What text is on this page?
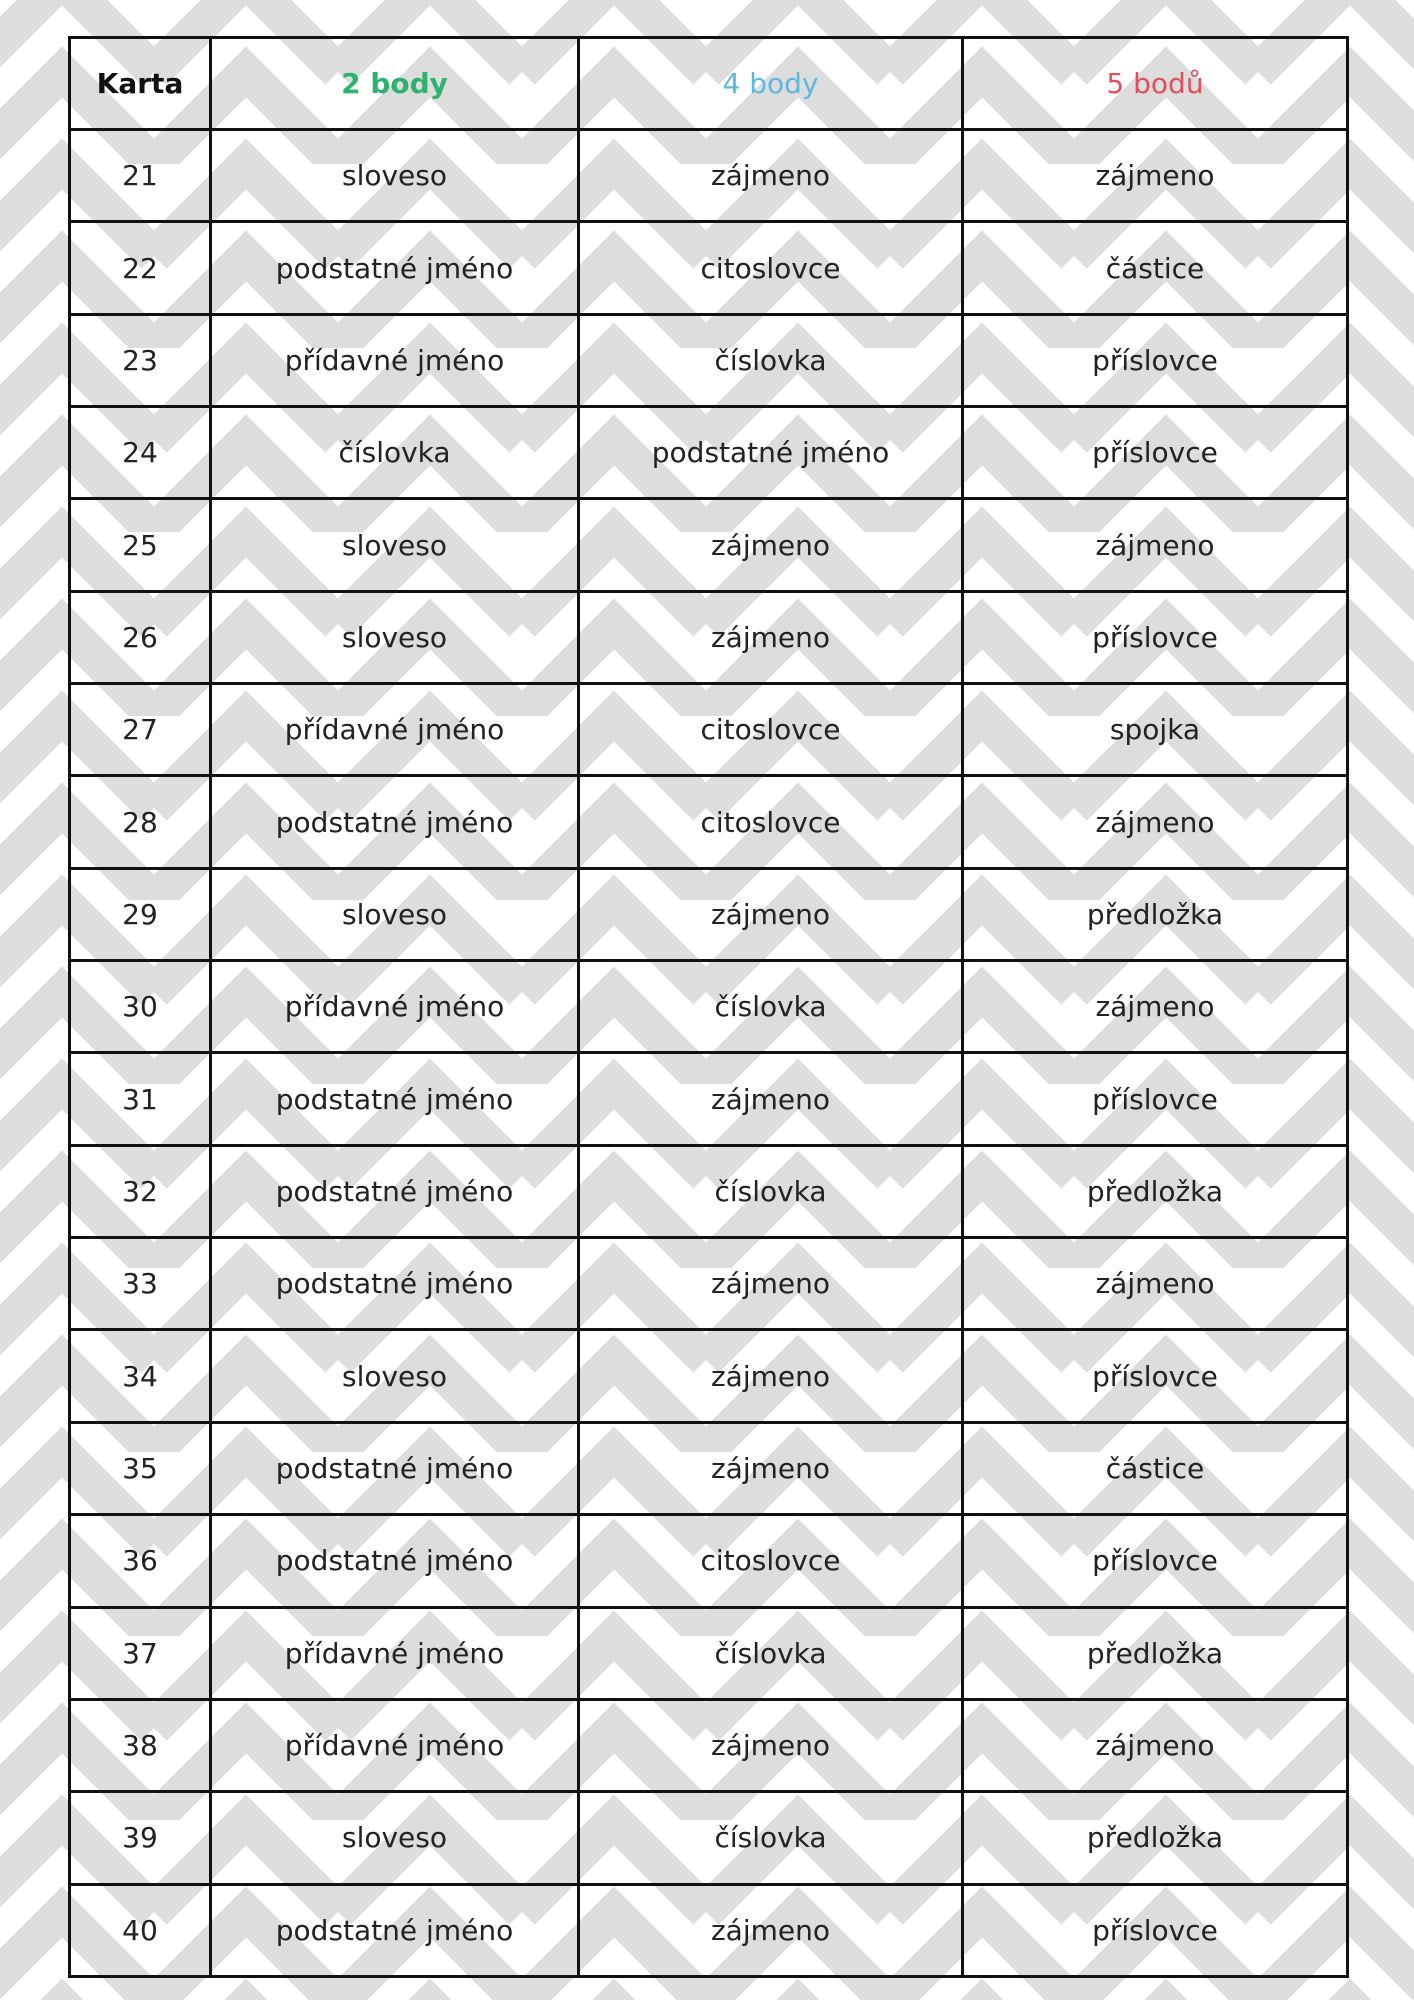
Karta	2 body	4 body	5 bodů
21	sloveso	zájmeno	zájmeno
22	podstatné jméno	citoslovce	částice
23	přídavné jméno	číslovka	příslovce
24	číslovka	podstatné jméno	příslovce
25	sloveso	zájmeno	zájmeno
26	sloveso	zájmeno	příslovce
27	přídavné jméno	citoslovce	spojka
28	podstatné jméno	citoslovce	zájmeno
29	sloveso	zájmeno	předložka
30	přídavné jméno	číslovka	zájmeno
31	podstatné jméno	zájmeno	příslovce
32	podstatné jméno	číslovka	předložka
33	podstatné jméno	zájmeno	zájmeno
34	sloveso	zájmeno	příslovce
35	podstatné jméno	zájmeno	částice
36	podstatné jméno	citoslovce	příslovce
37	přídavné jméno	číslovka	předložka
38	přídavné jméno	zájmeno	zájmeno
39	sloveso	číslovka	předložka
40	podstatné jméno	zájmeno	příslovce
